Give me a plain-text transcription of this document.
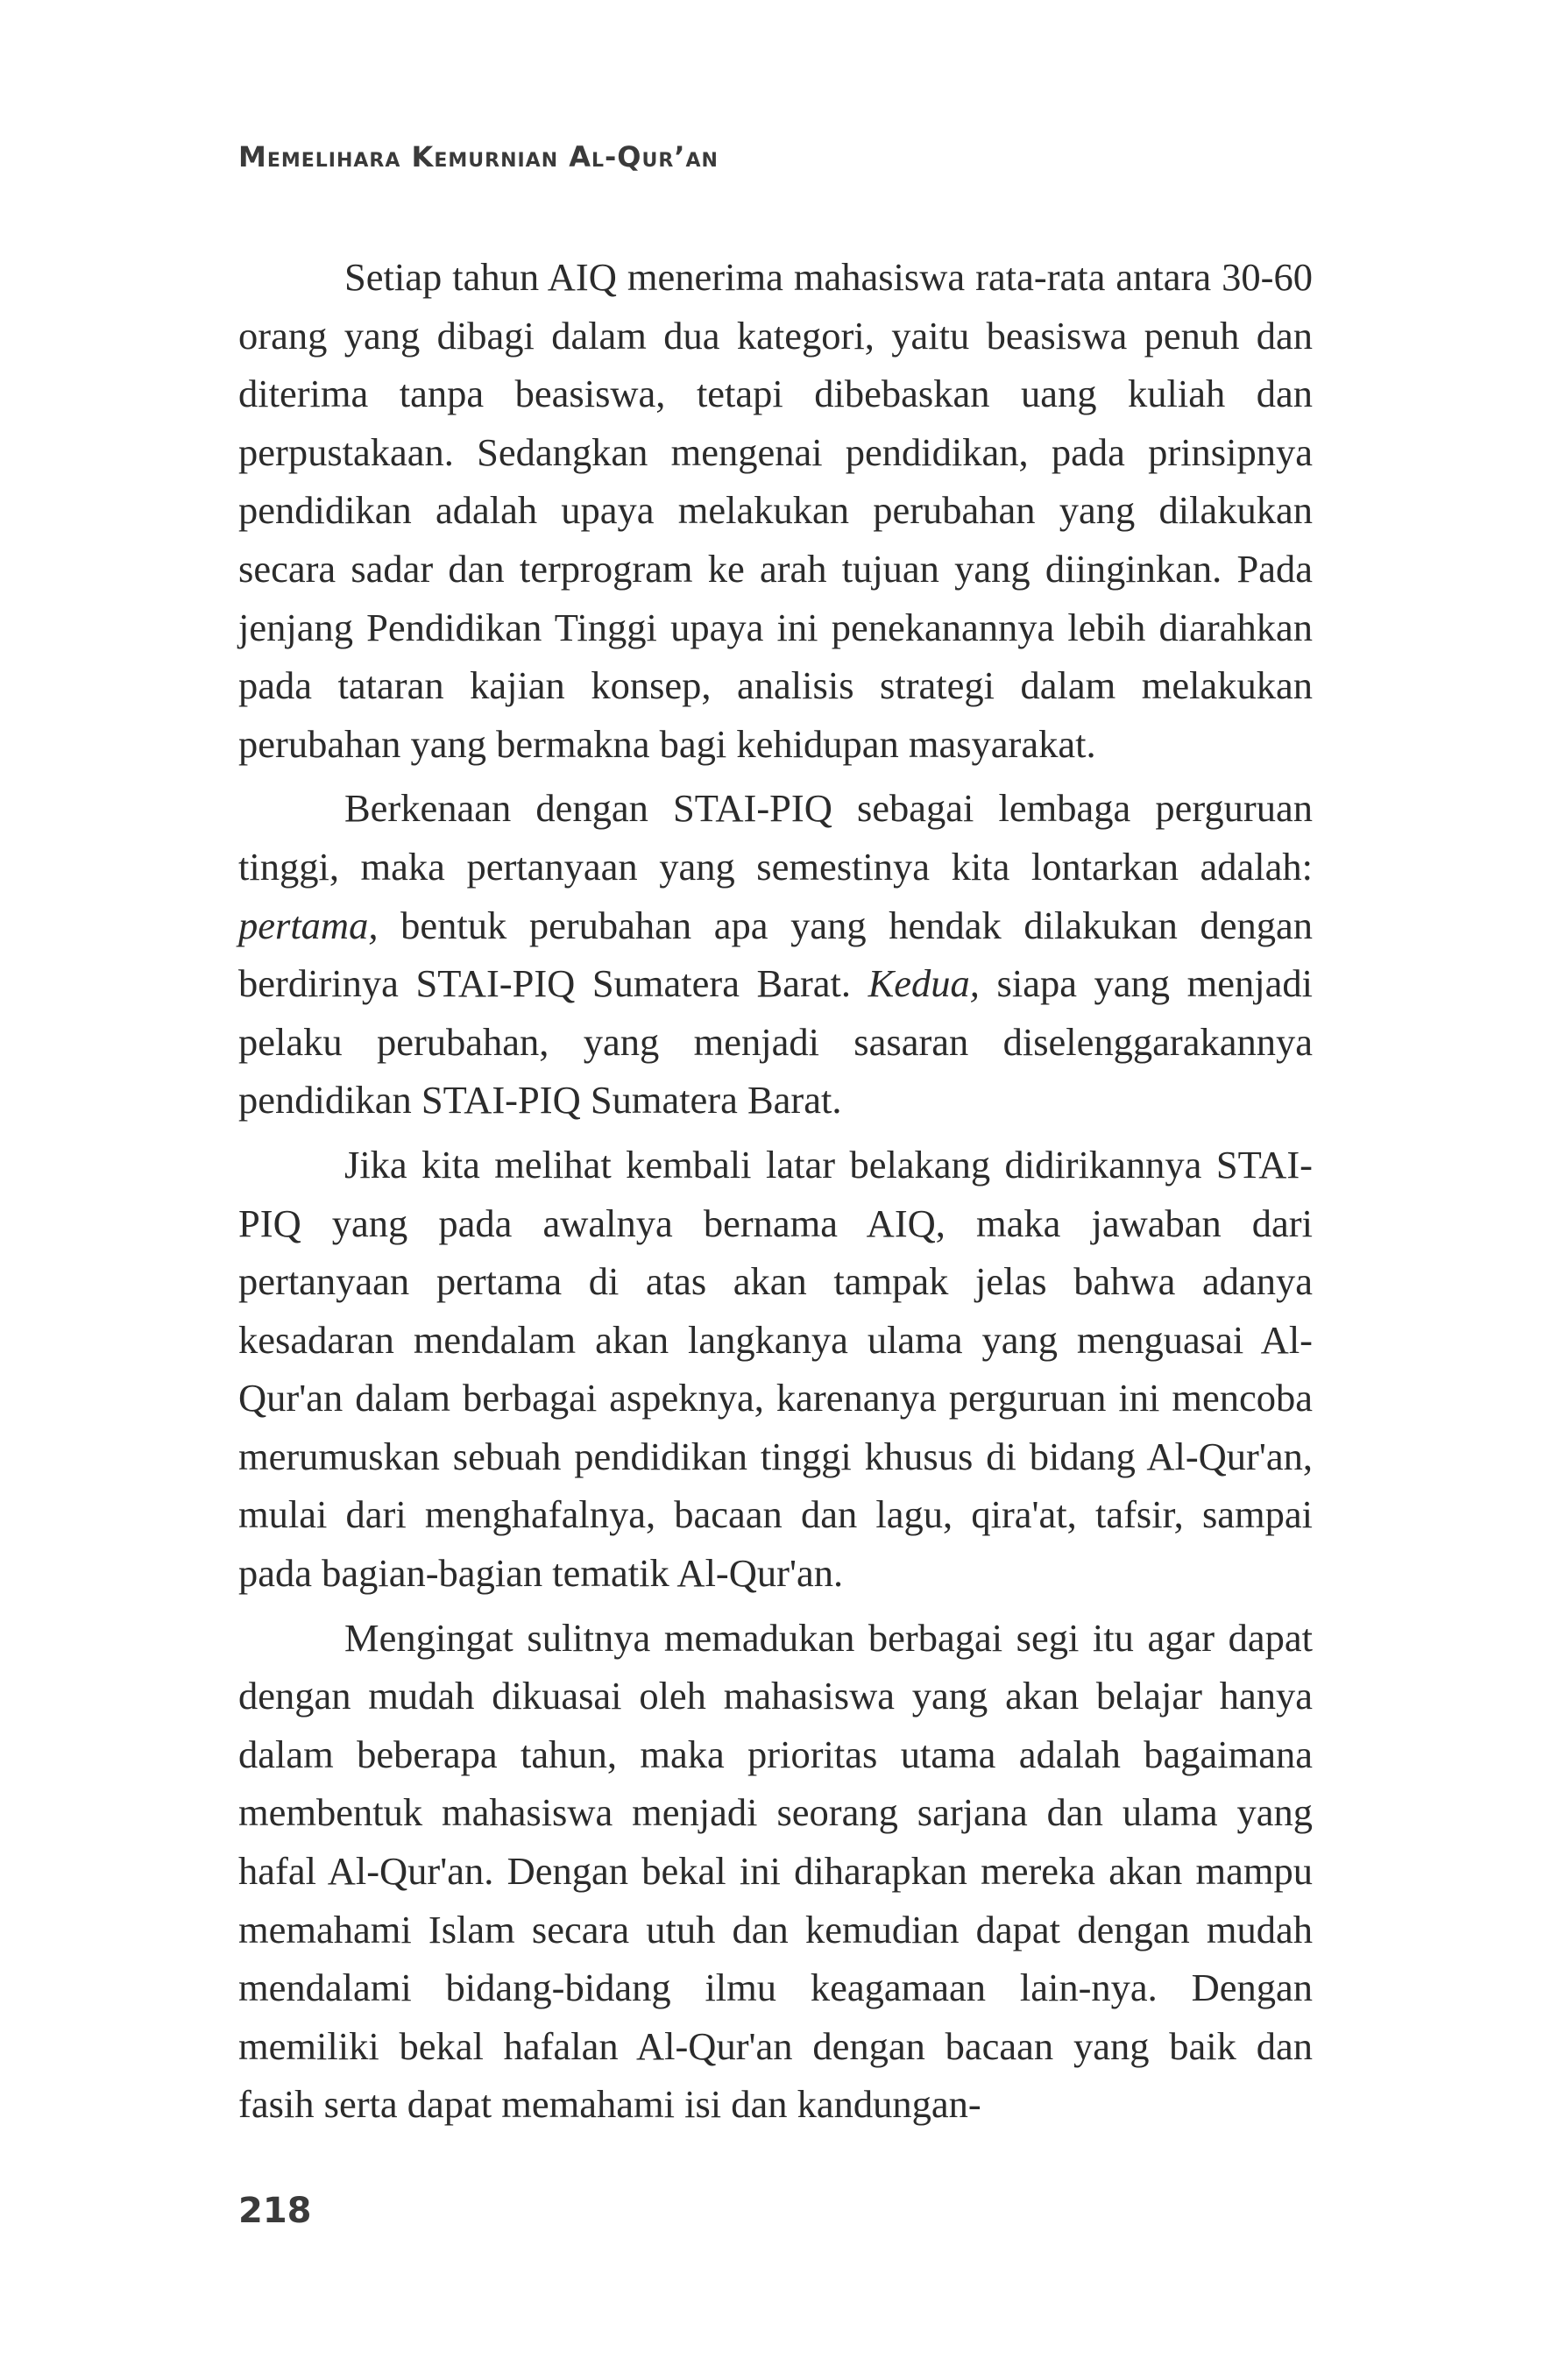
Memelihara Kemurnian Al-Qur’an

Setiap tahun AIQ menerima mahasiswa rata-rata antara 30-60 orang yang dibagi dalam dua kategori, yaitu beasiswa penuh dan diterima tanpa beasiswa, tetapi dibebaskan uang kuliah dan perpustakaan. Sedangkan mengenai pendidikan, pada prinsipnya pendidikan adalah upaya melakukan perubahan yang dilakukan secara sadar dan terprogram ke arah tujuan yang diinginkan. Pada jenjang Pendidikan Tinggi upaya ini penekanannya lebih diarahkan pada tataran kajian konsep, analisis strategi dalam melakukan perubahan yang bermakna bagi kehidupan masyarakat.

Berkenaan dengan STAI-PIQ sebagai lembaga perguruan tinggi, maka pertanyaan yang semestinya kita lontarkan adalah: pertama, bentuk perubahan apa yang hendak dilakukan dengan berdirinya STAI-PIQ Sumatera Barat. Kedua, siapa yang menjadi pelaku perubahan, yang menjadi sasaran diselenggarakannya pendidikan STAI-PIQ Sumatera Barat.

Jika kita melihat kembali latar belakang didirikannya STAI-PIQ yang pada awalnya bernama AIQ, maka jawaban dari pertanyaan pertama di atas akan tampak jelas bahwa adanya kesadaran mendalam akan langkanya ulama yang menguasai Al-Qur'an dalam berbagai aspeknya, karenanya perguruan ini mencoba merumuskan sebuah pendidikan tinggi khusus di bidang Al-Qur'an, mulai dari menghafalnya, bacaan dan lagu, qira'at, tafsir, sampai pada bagian-bagian tematik Al-Qur'an.

Mengingat sulitnya memadukan berbagai segi itu agar dapat dengan mudah dikuasai oleh mahasiswa yang akan belajar hanya dalam beberapa tahun, maka prioritas utama adalah bagaimana membentuk mahasiswa menjadi seorang sarjana dan ulama yang hafal Al-Qur'an. Dengan bekal ini diharapkan mereka akan mampu memahami Islam secara utuh dan kemudian dapat dengan mudah mendalami bidang-bidang ilmu keagamaan lain-nya. Dengan memiliki bekal hafalan Al-Qur'an dengan bacaan yang baik dan fasih serta dapat memahami isi dan kandungan-

218
